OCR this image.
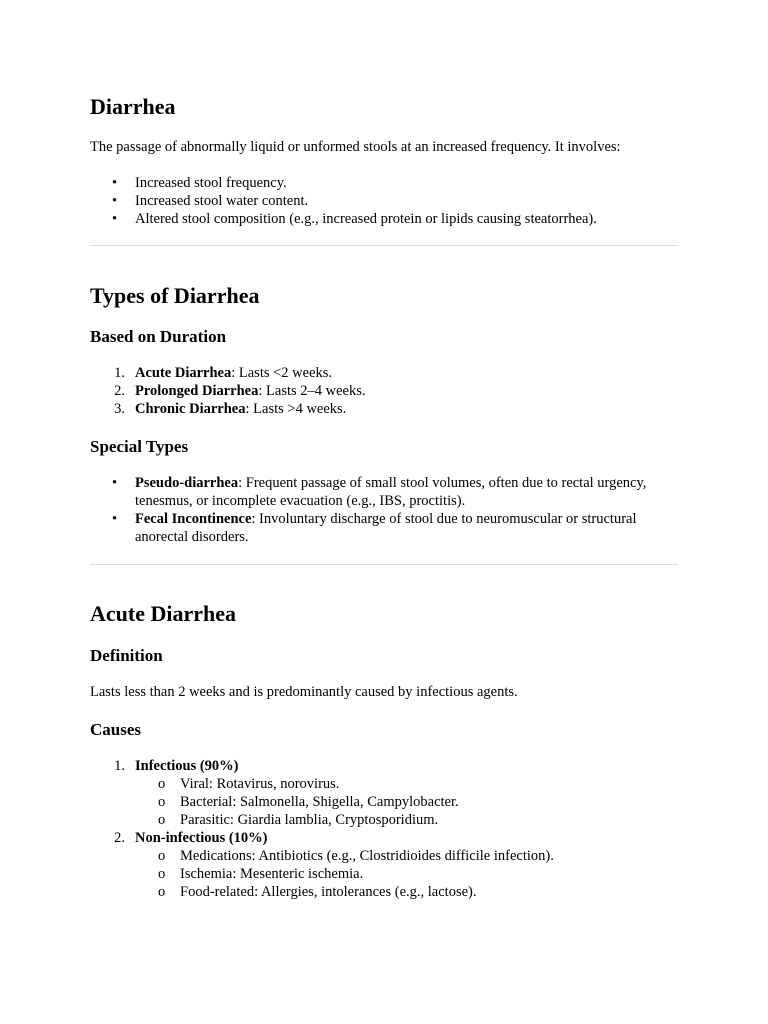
Diarrhea

The passage of abnormally liquid or unformed stools at an increased frequency. It involves:

• Increased stool frequency.
• Increased stool water content.
• Altered stool composition (e.g., increased protein or lipids causing steatorrhea).
Types of Diarrhea
Based on Duration
1. Acute Diarrhea: Lasts <2 weeks.
2. Prolonged Diarrhea: Lasts 2–4 weeks.
3. Chronic Diarrhea: Lasts >4 weeks.
Special Types
• Pseudo-diarrhea: Frequent passage of small stool volumes, often due to rectal urgency, tenesmus, or incomplete evacuation (e.g., IBS, proctitis).
• Fecal Incontinence: Involuntary discharge of stool due to neuromuscular or structural anorectal disorders.
Acute Diarrhea
Definition

Lasts less than 2 weeks and is predominantly caused by infectious agents.

Causes
1. Infectious (90%)
o Viral: Rotavirus, norovirus.
o Bacterial: Salmonella, Shigella, Campylobacter.
o Parasitic: Giardia lamblia, Cryptosporidium.
2. Non-infectious (10%)
o Medications: Antibiotics (e.g., Clostridioides difficile infection).
o Ischemia: Mesenteric ischemia.
o Food-related: Allergies, intolerances (e.g., lactose).
